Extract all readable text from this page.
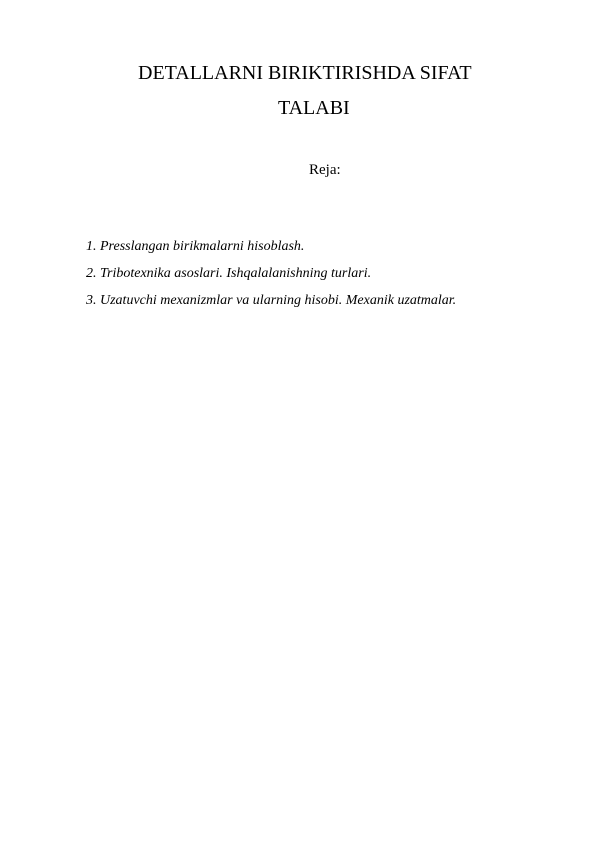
DETALLARNI BIRIKTIRISHDA SIFAT
TALABI
Reja:
1. Presslangan birikmalarni hisoblash.
2. Tribotexnika asoslari. Ishqalalanishning turlari.
3. Uzatuvchi mexanizmlar va ularning hisobi. Mexanik uzatmalar.
